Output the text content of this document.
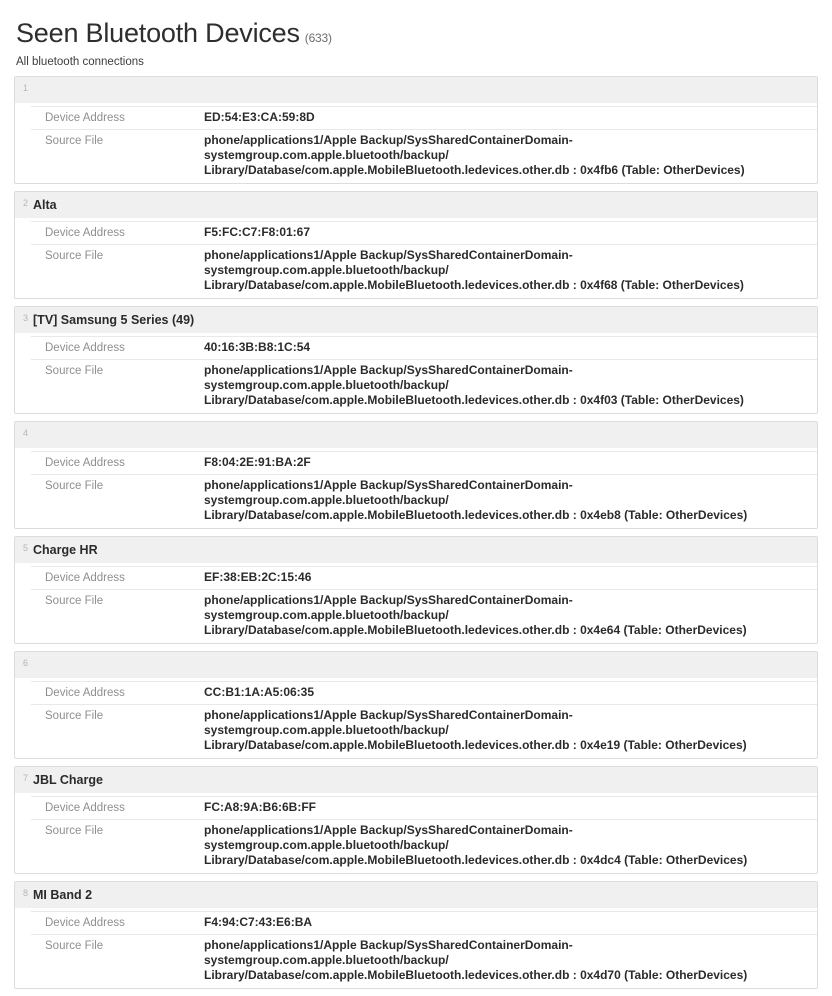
Seen Bluetooth Devices (633)
All bluetooth connections
1
Device Address	ED:54:E3:CA:59:8D
Source File	phone/applications1/Apple Backup/SysSharedContainerDomain-systemgroup.com.apple.bluetooth/backup/
Library/Database/com.apple.MobileBluetooth.ledevices.other.db : 0x4fb6 (Table: OtherDevices)
2 Alta
Device Address	F5:FC:C7:F8:01:67
Source File	phone/applications1/Apple Backup/SysSharedContainerDomain-systemgroup.com.apple.bluetooth/backup/
Library/Database/com.apple.MobileBluetooth.ledevices.other.db : 0x4f68 (Table: OtherDevices)
3 [TV] Samsung 5 Series (49)
Device Address	40:16:3B:B8:1C:54
Source File	phone/applications1/Apple Backup/SysSharedContainerDomain-systemgroup.com.apple.bluetooth/backup/
Library/Database/com.apple.MobileBluetooth.ledevices.other.db : 0x4f03 (Table: OtherDevices)
4
Device Address	F8:04:2E:91:BA:2F
Source File	phone/applications1/Apple Backup/SysSharedContainerDomain-systemgroup.com.apple.bluetooth/backup/
Library/Database/com.apple.MobileBluetooth.ledevices.other.db : 0x4eb8 (Table: OtherDevices)
5 Charge HR
Device Address	EF:38:EB:2C:15:46
Source File	phone/applications1/Apple Backup/SysSharedContainerDomain-systemgroup.com.apple.bluetooth/backup/
Library/Database/com.apple.MobileBluetooth.ledevices.other.db : 0x4e64 (Table: OtherDevices)
6
Device Address	CC:B1:1A:A5:06:35
Source File	phone/applications1/Apple Backup/SysSharedContainerDomain-systemgroup.com.apple.bluetooth/backup/
Library/Database/com.apple.MobileBluetooth.ledevices.other.db : 0x4e19 (Table: OtherDevices)
7 JBL Charge
Device Address	FC:A8:9A:B6:6B:FF
Source File	phone/applications1/Apple Backup/SysSharedContainerDomain-systemgroup.com.apple.bluetooth/backup/
Library/Database/com.apple.MobileBluetooth.ledevices.other.db : 0x4dc4 (Table: OtherDevices)
8 MI Band 2
Device Address	F4:94:C7:43:E6:BA
Source File	phone/applications1/Apple Backup/SysSharedContainerDomain-systemgroup.com.apple.bluetooth/backup/
Library/Database/com.apple.MobileBluetooth.ledevices.other.db : 0x4d70 (Table: OtherDevices)
